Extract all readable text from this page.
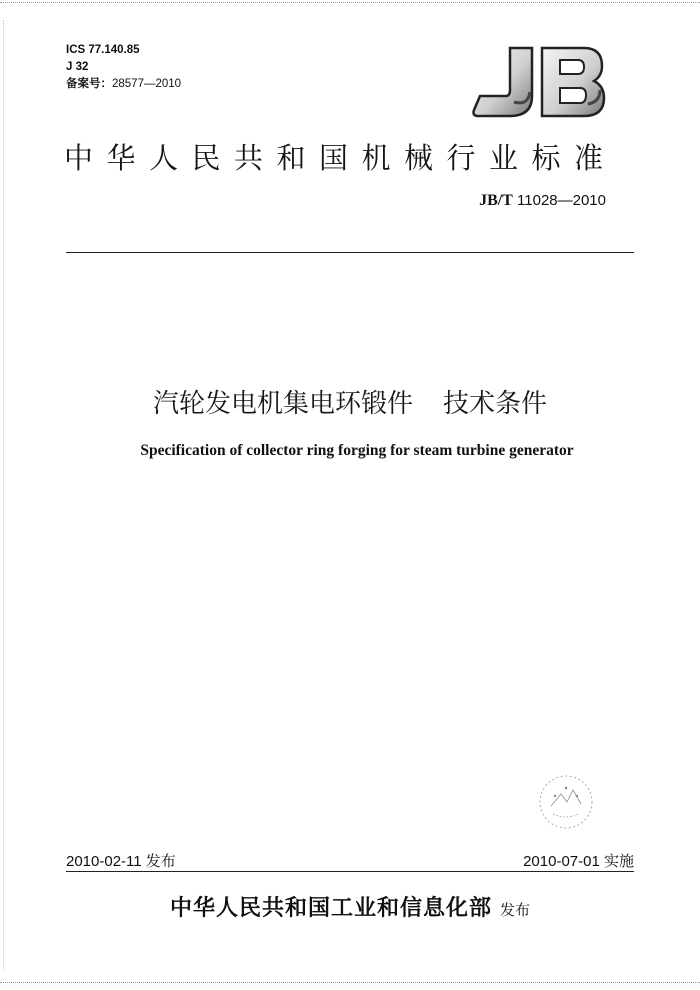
ICS 77.140.85
J 32
备案号：28577—2010
中华人民共和国机械行业标准
JB/T 11028—2010
汽轮发电机集电环锻件 技术条件
Specification of collector ring forging for steam turbine generator
2010-02-11 发布	2010-07-01 实施
中华人民共和国工业和信息化部 发布
